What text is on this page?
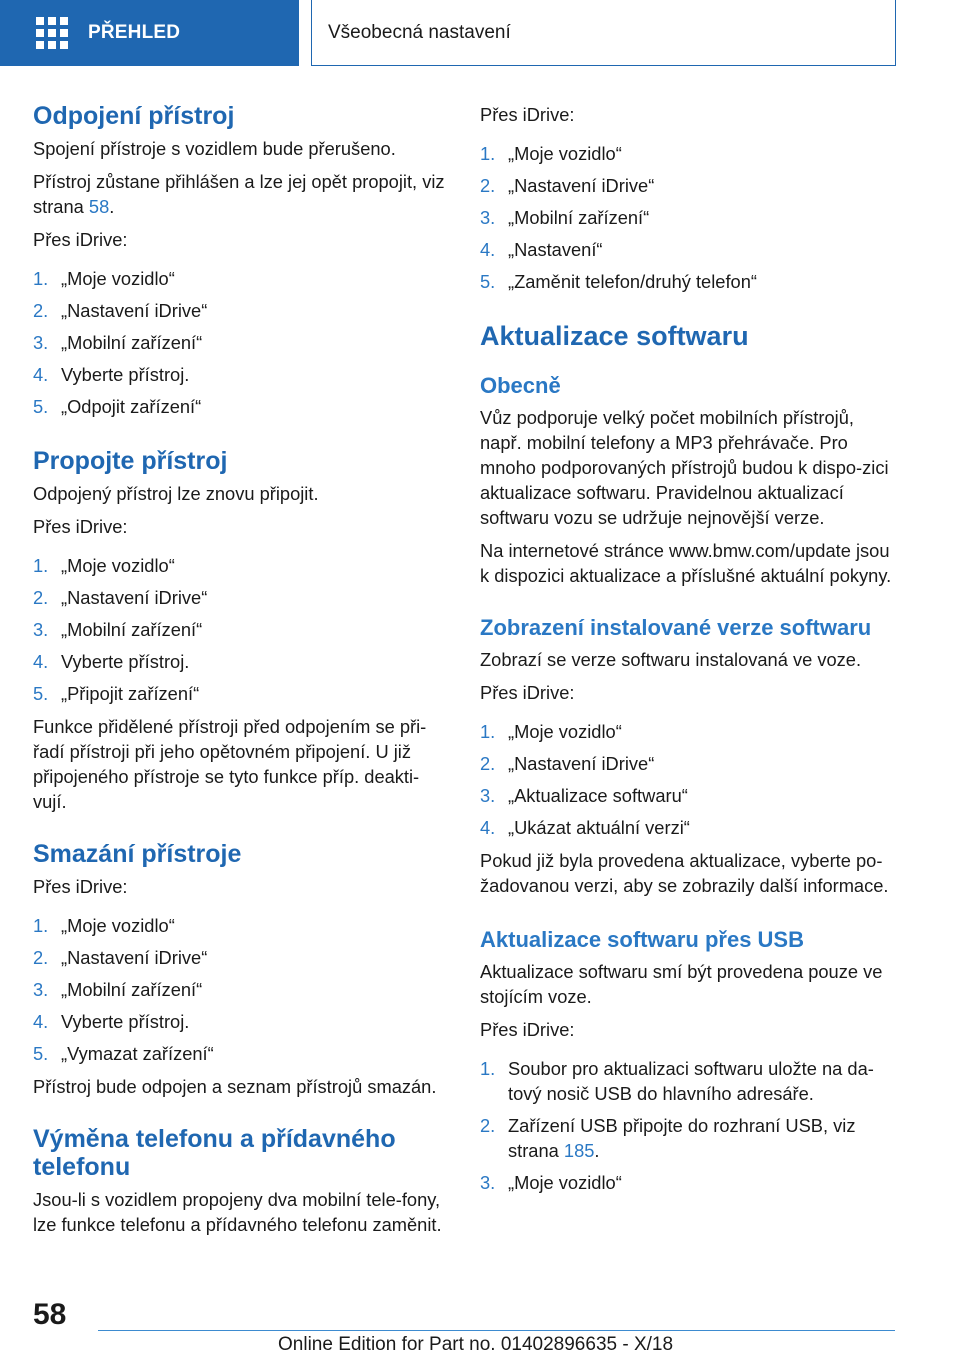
PŘEHLED	Všeobecná nastavení
Odpojení přístroj

Spojení přístroje s vozidlem bude přerušeno.

Přístroj zůstane přihlášen a lze jej opět propojit, viz strana 58.

Přes iDrive:

1. „Moje vozidlo“
2. „Nastavení iDrive“
3. „Mobilní zařízení“
4. Vyberte přístroj.
5. „Odpojit zařízení“
Propojte přístroj

Odpojený přístroj lze znovu připojit.

Přes iDrive:

1. „Moje vozidlo“
2. „Nastavení iDrive“
3. „Mobilní zařízení“
4. Vyberte přístroj.
5. „Připojit zařízení“

Funkce přidělené přístroji před odpojením se při-řadí přístroji při jeho opětovném připojení. U již připojeného přístroje se tyto funkce příp. deakti-vují.

Smazání přístroje

Přes iDrive:

1. „Moje vozidlo“
2. „Nastavení iDrive“
3. „Mobilní zařízení“
4. Vyberte přístroj.
5. „Vymazat zařízení“

Přístroj bude odpojen a seznam přístrojů smazán.

Výměna telefonu a přídavného telefonu

Jsou-li s vozidlem propojeny dva mobilní tele-fony, lze funkce telefonu a přídavného telefonu zaměnit.

Přes iDrive:

1. „Moje vozidlo“
2. „Nastavení iDrive“
3. „Mobilní zařízení“
4. „Nastavení“
5. „Zaměnit telefon/druhý telefon“
Aktualizace softwaru
Obecně

Vůz podporuje velký počet mobilních přístrojů, např. mobilní telefony a MP3 přehrávače. Pro mnoho podporovaných přístrojů budou k dispo-zici aktualizace softwaru. Pravidelnou aktualizací softwaru vozu se udržuje nejnovější verze.

Na internetové stránce www.bmw.com/update jsou k dispozici aktualizace a příslušné aktuální pokyny.

Zobrazení instalované verze softwaru

Zobrazí se verze softwaru instalovaná ve voze.

Přes iDrive:

1. „Moje vozidlo“
2. „Nastavení iDrive“
3. „Aktualizace softwaru“
4. „Ukázat aktuální verzi“

Pokud již byla provedena aktualizace, vyberte po-žadovanou verzi, aby se zobrazily další informace.

Aktualizace softwaru přes USB

Aktualizace softwaru smí být provedena pouze ve stojícím voze.

Přes iDrive:

1. Soubor pro aktualizaci softwaru uložte na da-tový nosič USB do hlavního adresáře.
2. Zařízení USB připojte do rozhraní USB, viz strana 185.
3. „Moje vozidlo“
58
Online Edition for Part no. 01402896635 - X/18
